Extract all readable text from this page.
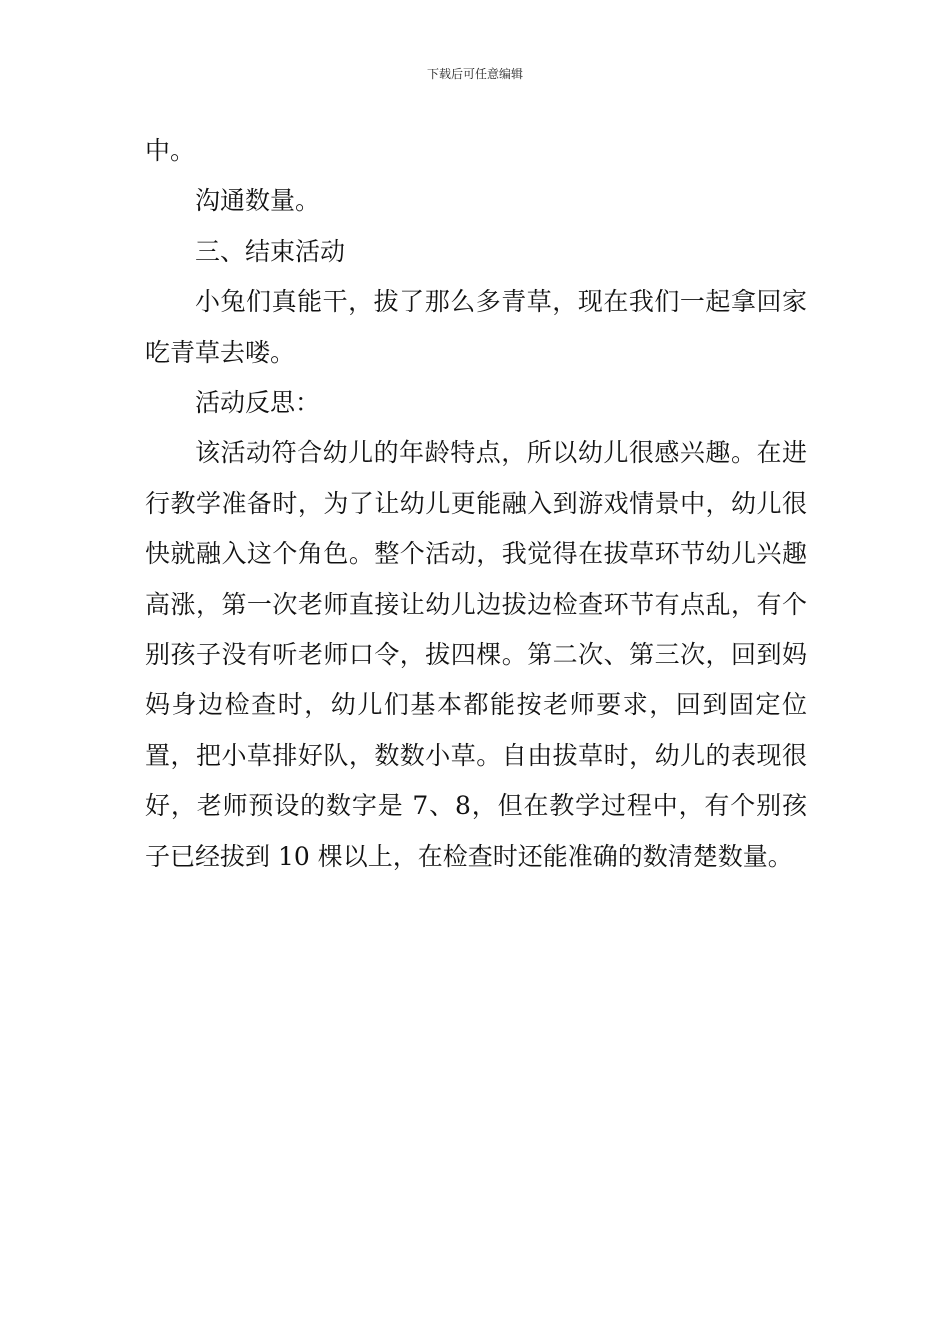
下载后可任意编辑

中。

沟通数量。

三、结束活动

小兔们真能干，拔了那么多青草，现在我们一起拿回家吃青草去喽。

活动反思：

该活动符合幼儿的年龄特点，所以幼儿很感兴趣。在进行教学准备时，为了让幼儿更能融入到游戏情景中，幼儿很快就融入这个角色。整个活动，我觉得在拔草环节幼儿兴趣高涨，第一次老师直接让幼儿边拔边检查环节有点乱，有个别孩子没有听老师口令，拔四棵。第二次、第三次，回到妈妈身边检查时，幼儿们基本都能按老师要求，回到固定位置，把小草排好队，数数小草。自由拔草时，幼儿的表现很好，老师预设的数字是 7、8，但在教学过程中，有个别孩子已经拔到 10 棵以上，在检查时还能准确的数清楚数量。
